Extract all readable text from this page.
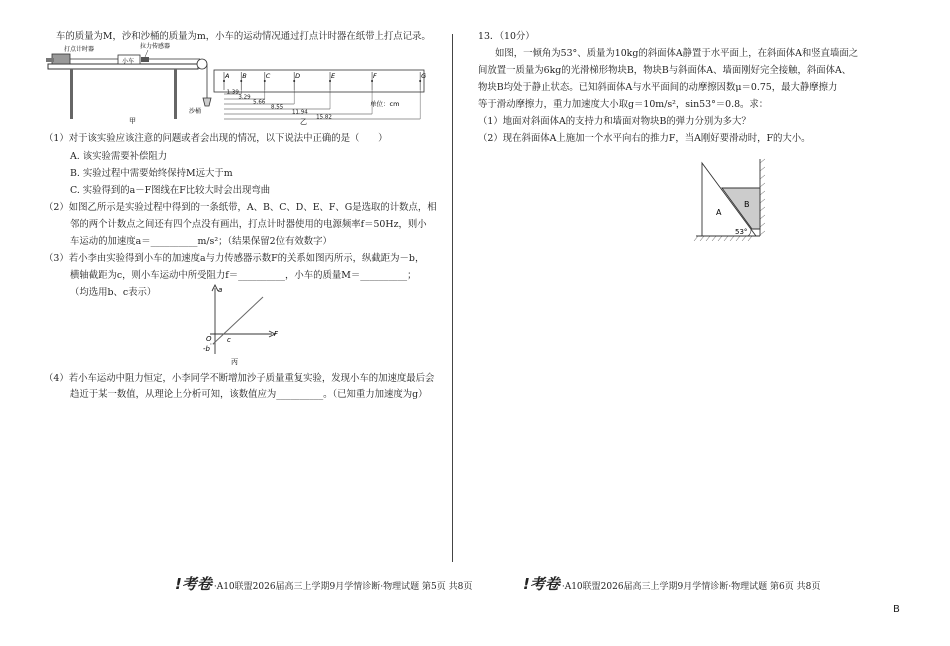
车的质量为M，沙和沙桶的质量为m，小车的运动情况通过打点计时器在纸带上打点记录。
小车
沙桶
打点计时器	拉力传感器
甲
A B	C	D	E	F	G
1.39
3.29
5.66
8.55
11.94
15.82
单位：cm
乙
（1）对于该实验应该注意的问题或者会出现的情况，以下说法中正确的是（　　）
A. 该实验需要补偿阻力
B. 实验过程中需要始终保持M远大于m
C. 实验得到的a－F图线在F比较大时会出现弯曲
（2）如图乙所示是实验过程中得到的一条纸带，A、B、C、D、E、F、G是选取的计数点，相
邻的两个计数点之间还有四个点没有画出，打点计时器使用的电源频率f＝50Hz，则小
车运动的加速度a＝__________m/s²；（结果保留2位有效数字）
（3）若小李由实验得到小车的加速度a与力传感器示数F的关系如图丙所示，纵截距为－b，
横轴截距为c，则小车运动中所受阻力f＝__________，小车的质量M＝__________；
（均选用b、c表示）	a
F
O c
-b
丙
（4）若小车运动中阻力恒定，小李同学不断增加沙子质量重复实验，发现小车的加速度最后会
趋近于某一数值，从理论上分析可知，该数值应为__________。（已知重力加速度为g）
13．（10分）
如图，一倾角为53°、质量为10kg的斜面体A静置于水平面上，在斜面体A和竖直墙面之
间放置一质量为6kg的光滑梯形物块B，物块B与斜面体A、墙面刚好完全接触，斜面体A、
物块B均处于静止状态。已知斜面体A与水平面间的动摩擦因数μ＝0.75，最大静摩擦力
等于滑动摩擦力，重力加速度大小取g＝10m/s²，sin53°＝0.8。求：
（1）地面对斜面体A的支持力和墙面对物块B的弹力分别为多大？
（2）现在斜面体A上施加一个水平向右的推力F，当A刚好要滑动时，F的大小。
A
B
53°
!考卷 ·A10联盟2026届高三上学期9月学情诊断·物理试题 第5页 共8页	!考卷 ·A10联盟2026届高三上学期9月学情诊断·物理试题 第6页 共8页
B
